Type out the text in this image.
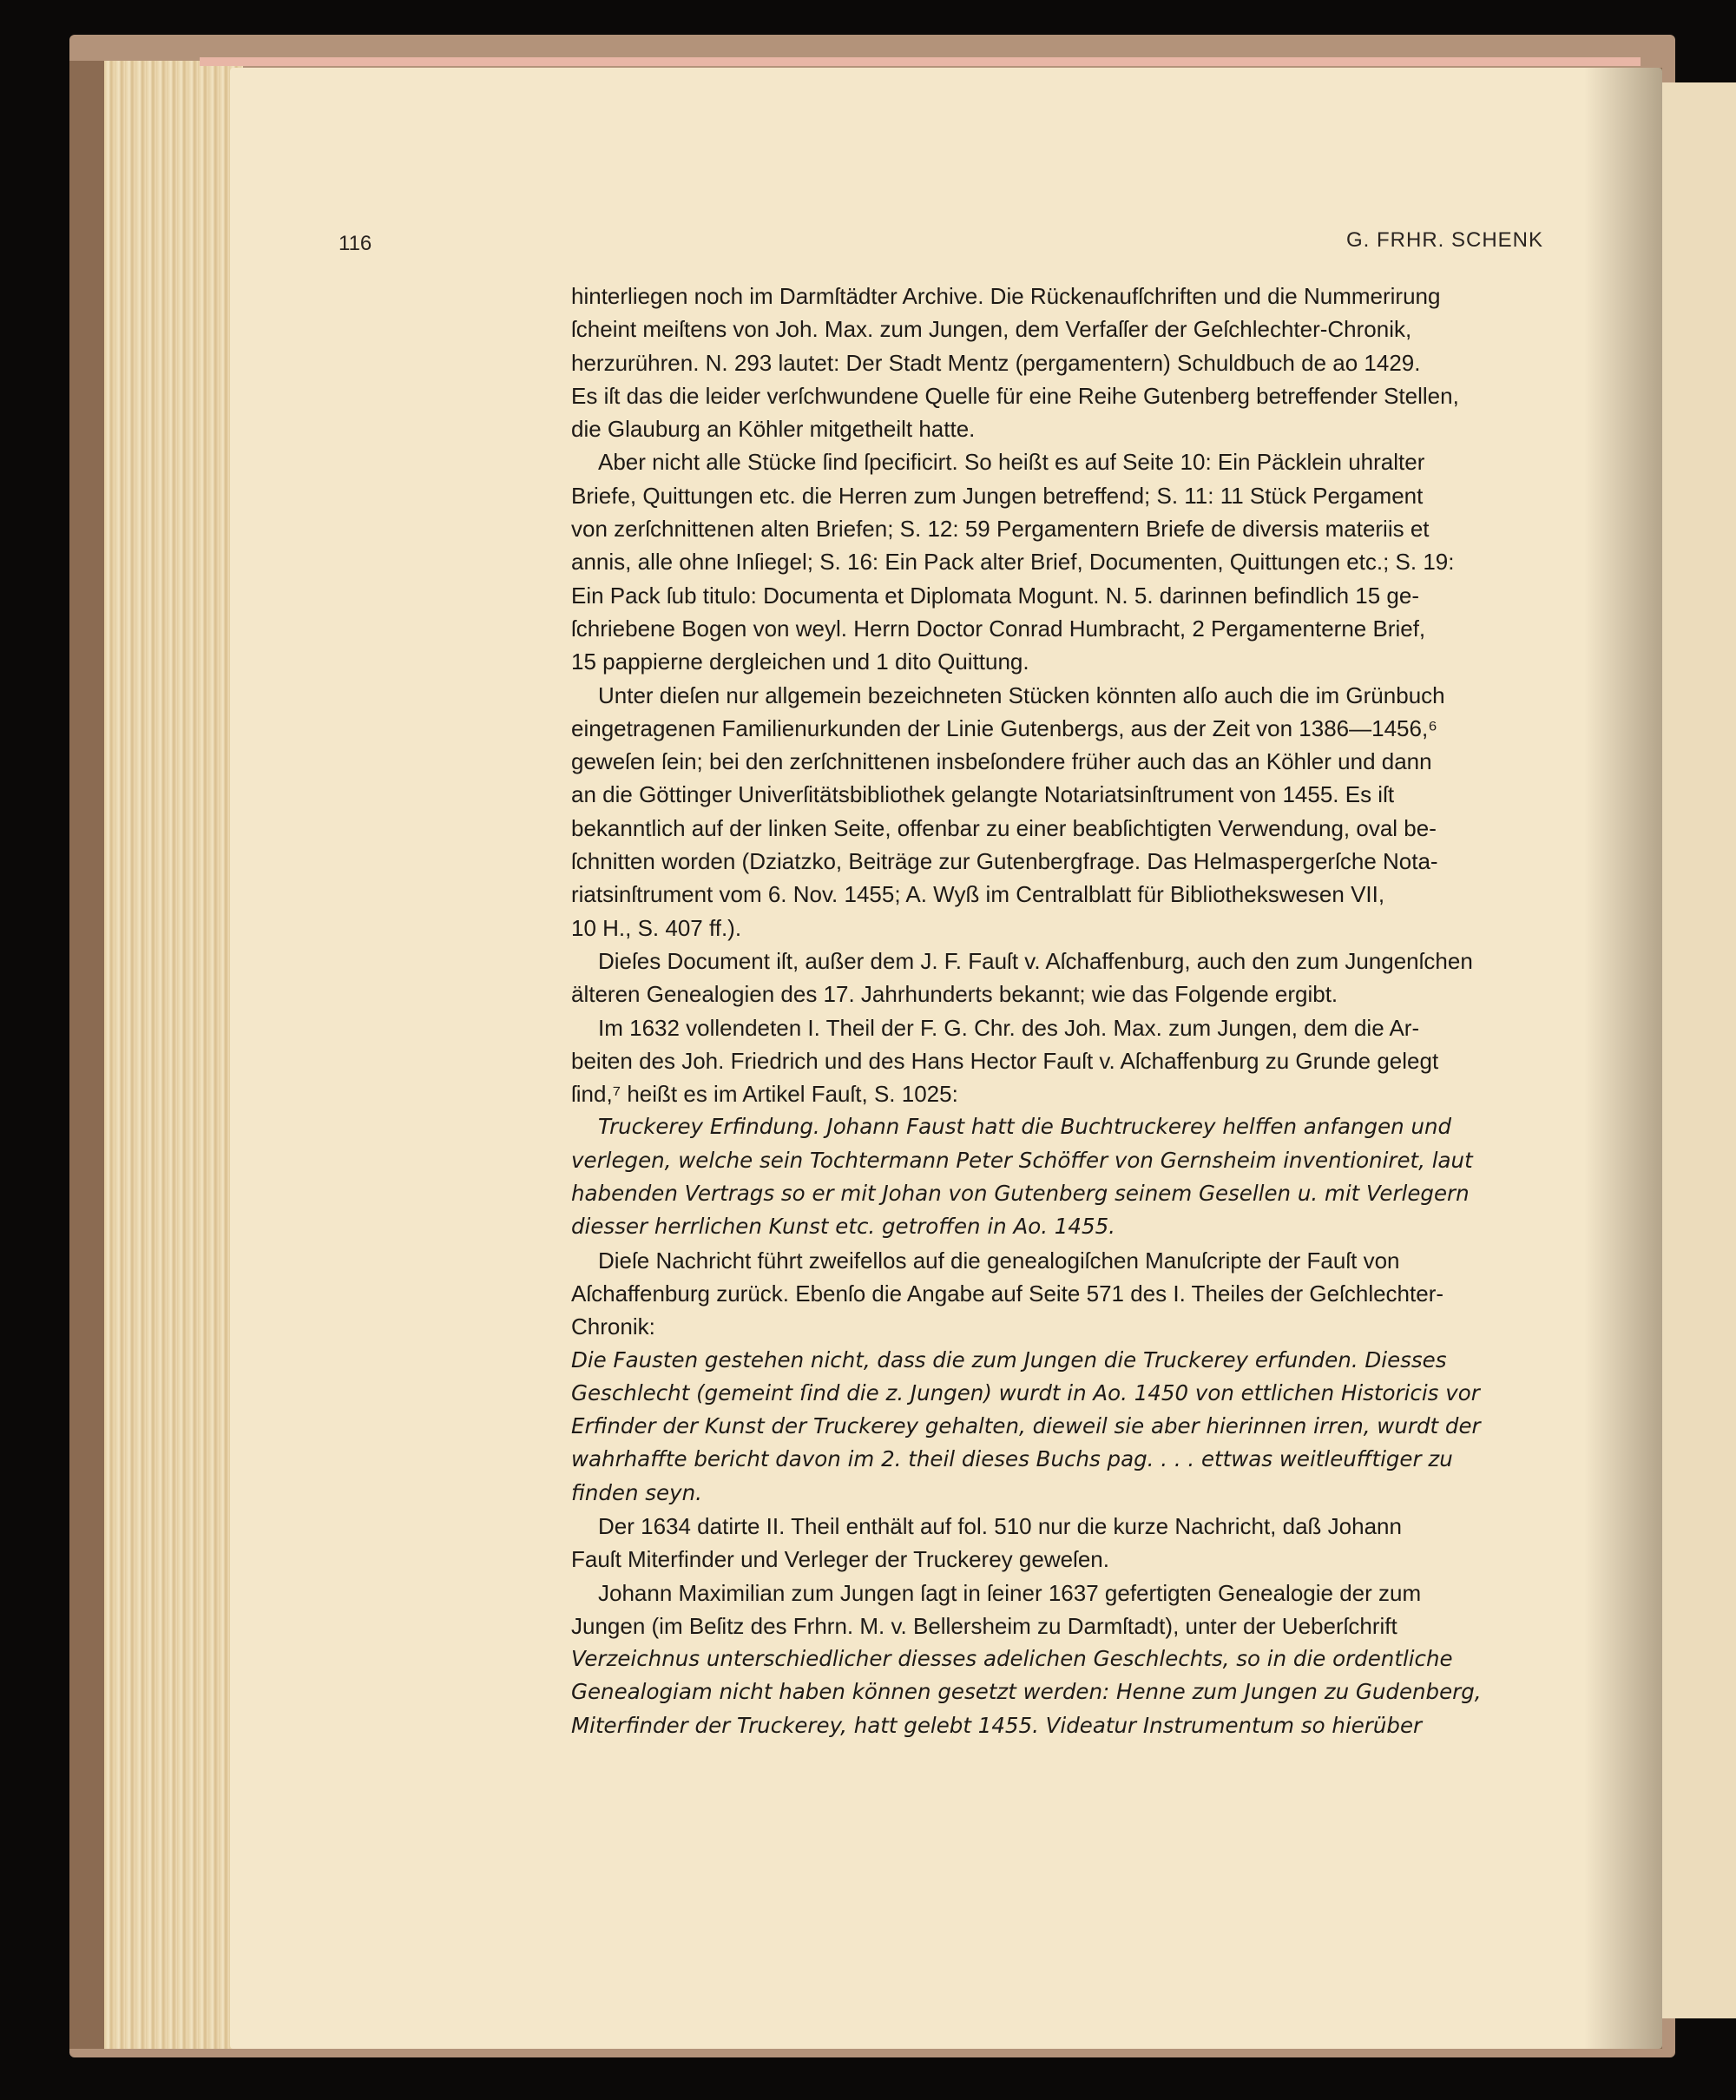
116	G. FRHR. SCHENK
hinterliegen noch im Darmſtädter Archive. Die Rückenaufſchriften und die Nummerirung
ſcheint meiſtens von Joh. Max. zum Jungen, dem Verfaſſer der Geſchlechter-Chronik,
herzurühren. N. 293 lautet: Der Stadt Mentz (pergamentern) Schuldbuch de ao 1429.
Es iſt das die leider verſchwundene Quelle für eine Reihe Gutenberg betreffender Stellen,
die Glauburg an Köhler mitgetheilt hatte.
Aber nicht alle Stücke ſind ſpecificirt. So heißt es auf Seite 10: Ein Päcklein uhralter
Briefe, Quittungen etc. die Herren zum Jungen betreffend; S. 11: 11 Stück Pergament
von zerſchnittenen alten Briefen; S. 12: 59 Pergamentern Briefe de diversis materiis et
annis, alle ohne Inſiegel; S. 16: Ein Pack alter Brief, Documenten, Quittungen etc.; S. 19:
Ein Pack ſub titulo: Documenta et Diplomata Mogunt. N. 5. darinnen befindlich 15 ge-
ſchriebene Bogen von weyl. Herrn Doctor Conrad Humbracht, 2 Pergamenterne Brief,
15 pappierne dergleichen und 1 dito Quittung.
Unter dieſen nur allgemein bezeichneten Stücken könnten alſo auch die im Grünbuch
eingetragenen Familienurkunden der Linie Gutenbergs, aus der Zeit von 1386—1456,⁶
geweſen ſein; bei den zerſchnittenen insbeſondere früher auch das an Köhler und dann
an die Göttinger Univerſitätsbibliothek gelangte Notariatsinſtrument von 1455. Es iſt
bekanntlich auf der linken Seite, offenbar zu einer beabſichtigten Verwendung, oval be-
ſchnitten worden (Dziatzko, Beiträge zur Gutenbergfrage. Das Helmaspergerſche Nota-
riatsinſtrument vom 6. Nov. 1455; A. Wyß im Centralblatt für Bibliothekswesen VII,
10 H., S. 407 ff.).
Dieſes Document iſt, außer dem J. F. Fauſt v. Aſchaffenburg, auch den zum Jungenſchen
älteren Genealogien des 17. Jahrhunderts bekannt; wie das Folgende ergibt.
Im 1632 vollendeten I. Theil der F. G. Chr. des Joh. Max. zum Jungen, dem die Ar-
beiten des Joh. Friedrich und des Hans Hector Fauſt v. Aſchaffenburg zu Grunde gelegt
ſind,⁷ heißt es im Artikel Fauſt, S. 1025:
Truckerey Erfindung. Johann Faust hatt die Buchtruckerey helffen anfangen und
verlegen, welche sein Tochtermann Peter Schöffer von Gernsheim inventioniret, laut
habenden Vertrags so er mit Johan von Gutenberg seinem Gesellen u. mit Verlegern
diesser herrlichen Kunst etc. getroffen in Ao. 1455.
Dieſe Nachricht führt zweifellos auf die genealogiſchen Manuſcripte der Fauſt von
Aſchaffenburg zurück. Ebenſo die Angabe auf Seite 571 des I. Theiles der Geſchlechter-
Chronik:
Die Fausten gestehen nicht, dass die zum Jungen die Truckerey erfunden. Diesses
Geschlecht (gemeint ſind die z. Jungen) wurdt in Ao. 1450 von ettlichen Historicis vor
Erfinder der Kunst der Truckerey gehalten, dieweil sie aber hierinnen irren, wurdt der
wahrhaffte bericht davon im 2. theil dieses Buchs pag. . . . ettwas weitleufftiger zu
finden seyn.
Der 1634 datirte II. Theil enthält auf fol. 510 nur die kurze Nachricht, daß Johann
Fauſt Miterfinder und Verleger der Truckerey geweſen.
Johann Maximilian zum Jungen ſagt in ſeiner 1637 gefertigten Genealogie der zum
Jungen (im Beſitz des Frhrn. M. v. Bellersheim zu Darmſtadt), unter der Ueberſchrift
Verzeichnus unterschiedlicher diesses adelichen Geschlechts, so in die ordentliche
Genealogiam nicht haben können gesetzt werden: Henne zum Jungen zu Gudenberg,
Miterfinder der Truckerey, hatt gelebt 1455. Videatur Instrumentum so hierüber
